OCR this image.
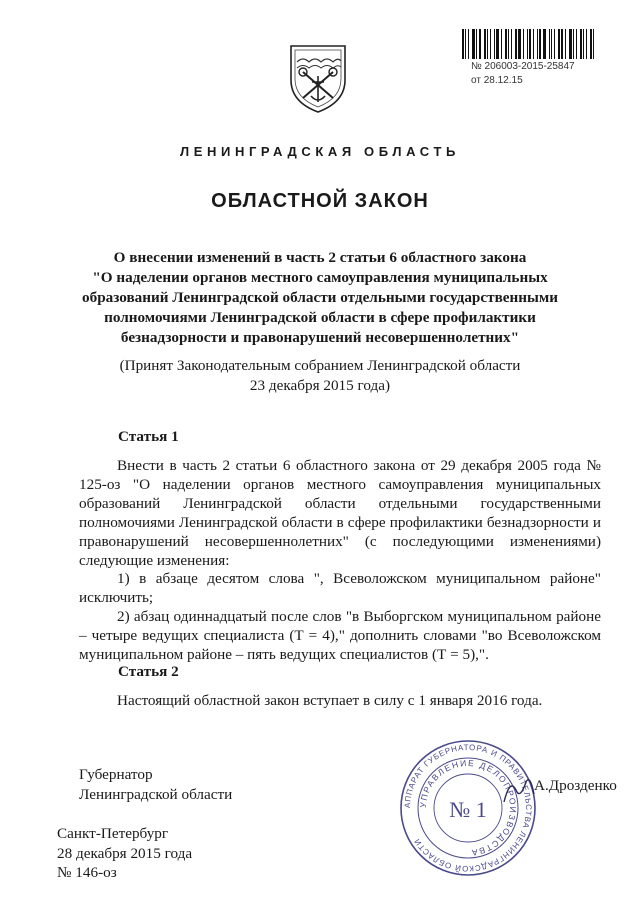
№ 206003-2015-25847
от 28.12.15
ЛЕНИНГРАДСКАЯ ОБЛАСТЬ
ОБЛАСТНОЙ ЗАКОН
О внесении изменений в часть 2 статьи 6 областного закона
"О наделении органов местного самоуправления муниципальных
образований Ленинградской области отдельными государственными
полномочиями Ленинградской области в сфере профилактики
безнадзорности и правонарушений несовершеннолетних"
(Принят Законодательным собранием Ленинградской области
23 декабря 2015 года)
Статья 1

Внести в часть 2 статьи 6 областного закона от 29 декабря 2005 года № 125-оз "О наделении органов местного самоуправления муниципальных образований Ленинградской области отдельными государственными полномочиями Ленинградской области в сфере профилактики безнадзорности и правонарушений несовершеннолетних" (с последующими изменениями) следующие изменения:

1) в абзаце десятом слова ", Всеволожском муниципальном районе" исключить;

2) абзац одиннадцатый после слов "в Выборгском муниципальном районе – четыре ведущих специалиста (Т = 4)," дополнить словами "во Всеволожском муниципальном районе – пять ведущих специалистов (Т = 5),".

Статья 2

Настоящий областной закон вступает в силу с 1 января 2016 года.

Губернатор
Ленинградской области
АППАРАТ ГУБЕРНАТОРА И ПРАВИТЕЛЬСТВА ЛЕНИНГРАДСКОЙ ОБЛАСТИ
УПРАВЛЕНИЕ ДЕЛОПРОИЗВОДСТВА
№ 1
А.Дрозденко
Санкт-Петербург
28 декабря 2015 года
№ 146-оз
